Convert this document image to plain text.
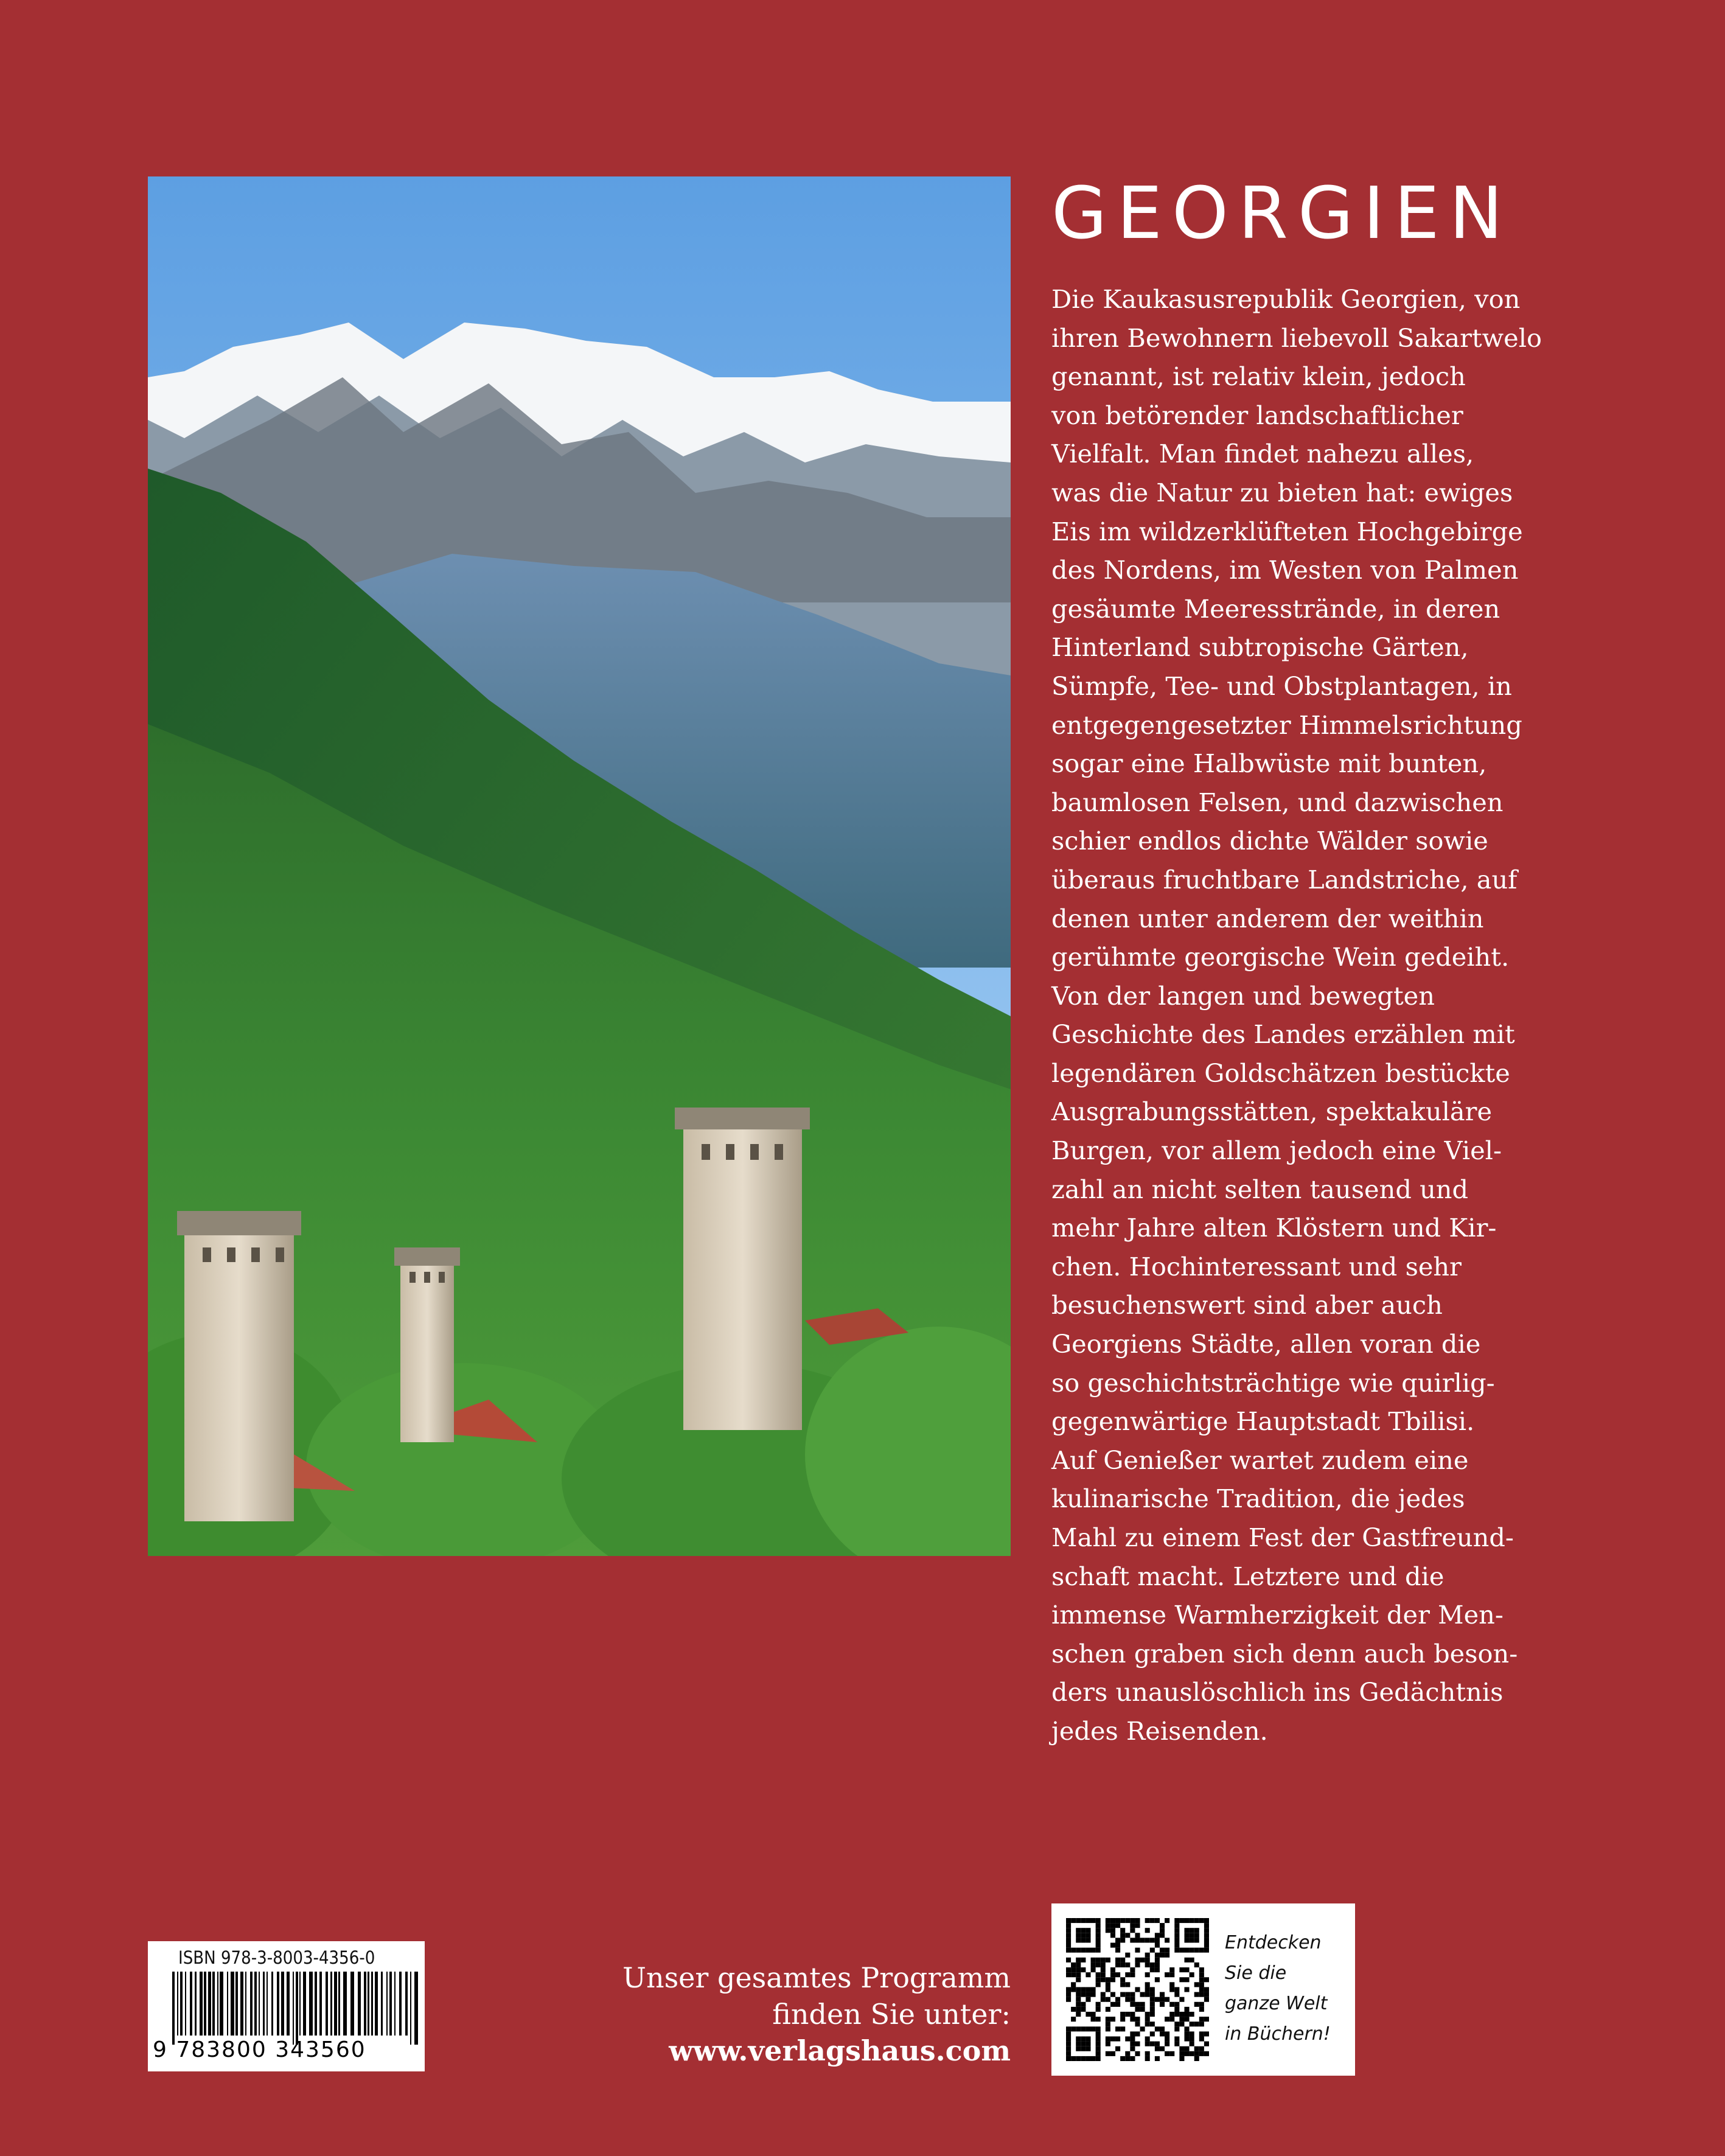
GEORGIEN
Die Kaukasusrepublik Georgien, von
ihren Bewohnern liebevoll Sakartwelo
genannt, ist relativ klein, jedoch
von betörender landschaftlicher
Vielfalt. Man findet nahezu alles,
was die Natur zu bieten hat: ewiges
Eis im wildzerklüfteten Hochgebirge
des Nordens, im Westen von Palmen
gesäumte Meeresstrände, in deren
Hinterland subtropische Gärten,
Sümpfe, Tee- und Obstplantagen, in
entgegengesetzter Himmelsrichtung
sogar eine Halbwüste mit bunten,
baumlosen Felsen, und dazwischen
schier endlos dichte Wälder sowie
überaus fruchtbare Landstriche, auf
denen unter anderem der weithin
gerühmte georgische Wein gedeiht.
Von der langen und bewegten
Geschichte des Landes erzählen mit
legendären Goldschätzen bestückte
Ausgrabungsstätten, spektakuläre
Burgen, vor allem jedoch eine Viel-
zahl an nicht selten tausend und
mehr Jahre alten Klöstern und Kir-
chen. Hochinteressant und sehr
besuchenswert sind aber auch
Georgiens Städte, allen voran die
so geschichtsträchtige wie quirlig-
gegenwärtige Hauptstadt Tbilisi.
Auf Genießer wartet zudem eine
kulinarische Tradition, die jedes
Mahl zu einem Fest der Gastfreund-
schaft macht. Letztere und die
immense Warmherzigkeit der Men-
schen graben sich denn auch beson-
ders unauslöschlich ins Gedächtnis
jedes Reisenden.
ISBN 978-3-8003-4356-0
9 783800 343560
Unser gesamtes Programm
finden Sie unter:
www.verlagshaus.com
Entdecken
Sie die
ganze Welt
in Büchern!
